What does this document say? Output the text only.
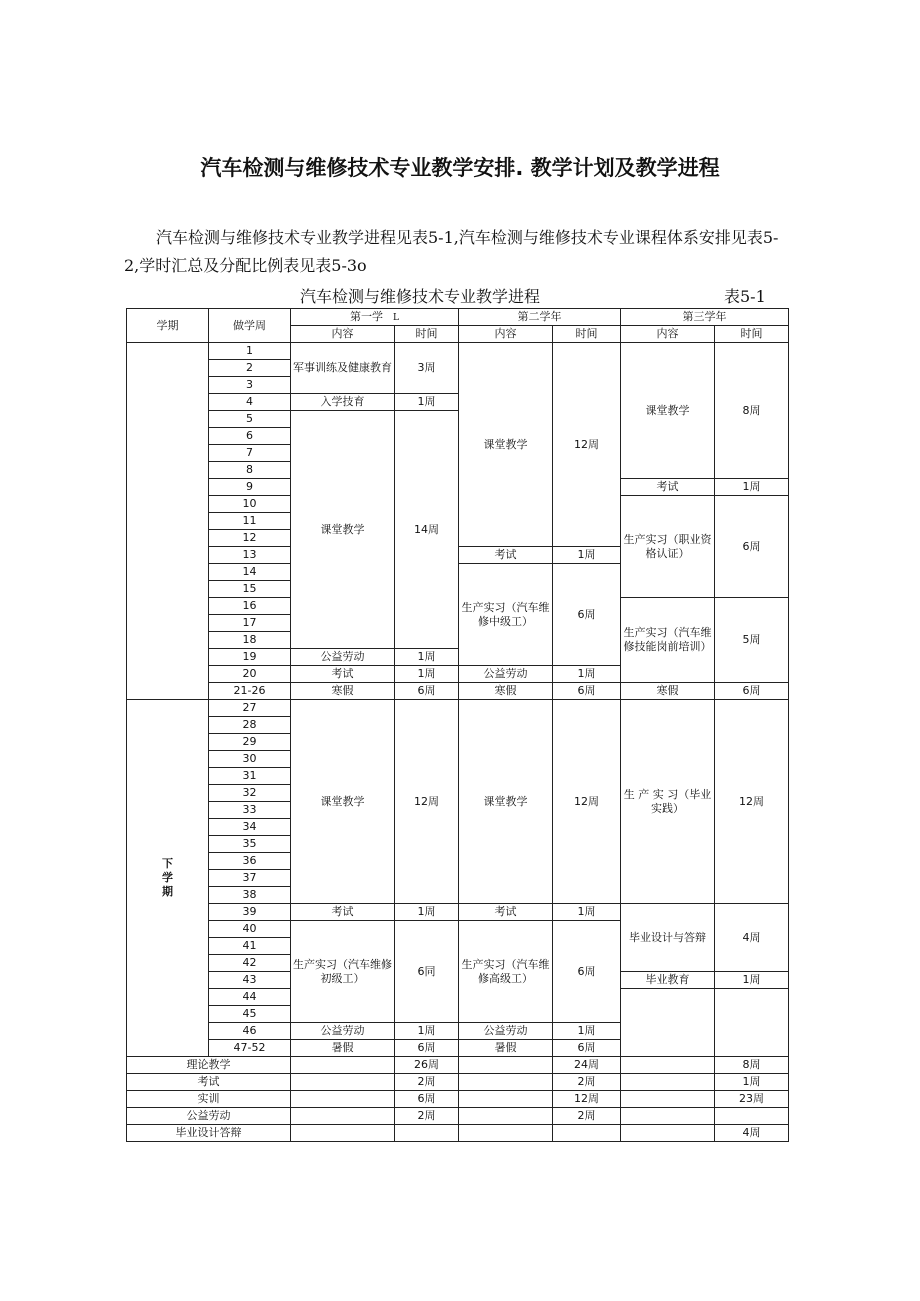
汽车检测与维修技术专业教学安排. 教学计划及教学进程
汽车检测与维修技术专业教学进程见表5-1,汽车检测与维修技术专业课程体系安排见表5-2,学时汇总及分配比例表见表5-3o
汽车检测与维修技术专业教学进程	表5-1
学期	做学周	第一学 L		第二学年		第三学年	
		内容	时间	内容	时间	内容	时间
	1	军事训练及健康教育	3周	课堂教学	12周	课堂教学	8周
	2						
	3						
	4	入学技育	1周				
	5	课堂教学	14周				
	6						
	7						
	8						
	9					考试	1周
	10					生产实习（职业资格认证）	6周
	11						
	12						
	13			考试	1周		
	14			生产实习（汽车维修中级工）	6周		
	15						
	16					生产实习（汽车维修技能岗前培训）	5周
	17						
	18						
	19	公益劳动	1周				
	20	考试	1周	公益劳动	1周		
	21-26	寒假	6周	寒假	6周	寒假	6周

下
学
期	27	课堂教学	12周	课堂教学	12周	生 产 实 习（毕业实践）	12周
	28						
	29						
	30						
	31						
	32						
	33						
	34						
	35						
	36						
	37						
	38						
	39	考试	1周	考试	1周	毕业设计与答辩	4周
	40	生产实习（汽车维修初级工）	6同	生产实习（汽车维修高级工）	6周		
	41						
	42						
	43					毕业教育	1周
	44						
	45						
	46	公益劳动	1周	公益劳动	1周		
	47-52	暑假	6周	暑假	6周		
理论教学			26周		24周		8周
考试			2周		2周		1周
实训			6周		12周		23周
公益劳动			2周		2周		
毕业设计答辩							4周
